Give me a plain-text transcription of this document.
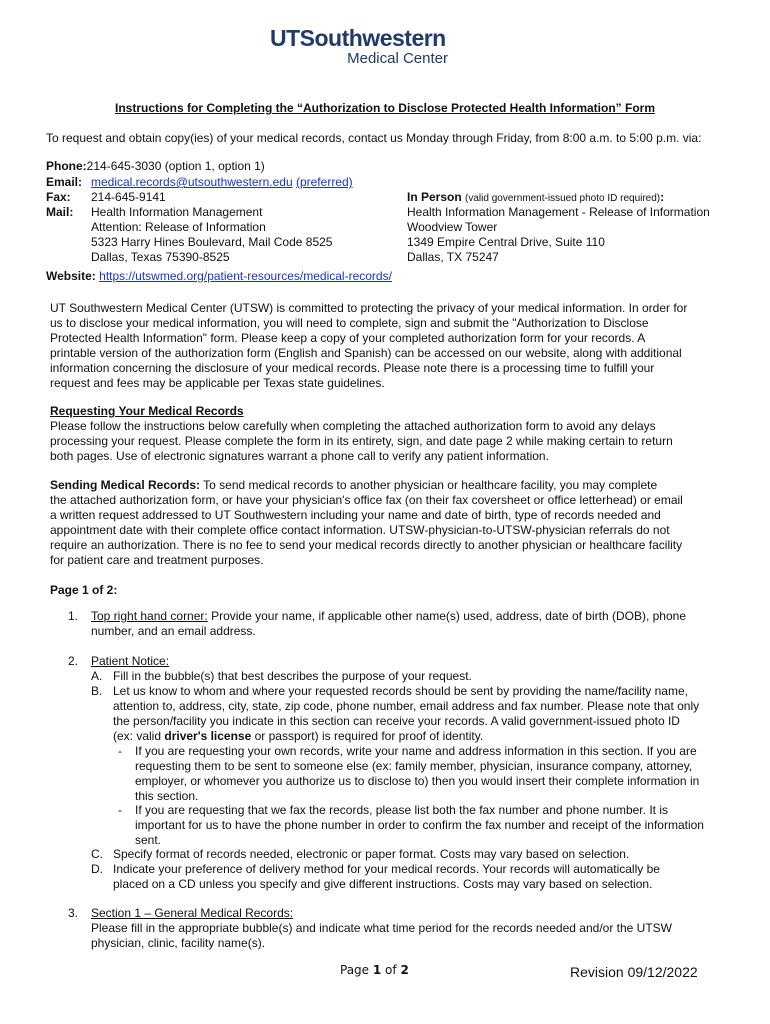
UTSouthwestern
Medical Center
Instructions for Completing the “Authorization to Disclose Protected Health Information” Form
To request and obtain copy(ies) of your medical records, contact us Monday through Friday, from 8:00 a.m. to 5:00 p.m. via:
Phone:214-645-3030 (option 1, option 1)
Email: medical.records@utsouthwestern.edu (preferred)
Fax: 214-645-9141
Mail: Health Information Management
Attention: Release of Information
5323 Harry Hines Boulevard, Mail Code 8525
Dallas, Texas 75390-8525
In Person (valid government-issued photo ID required):
Health Information Management - Release of Information
Woodview Tower
1349 Empire Central Drive, Suite 110
Dallas, TX 75247
Website: https://utswmed.org/patient-resources/medical-records/
UT Southwestern Medical Center (UTSW) is committed to protecting the privacy of your medical information. In order for
us to disclose your medical information, you will need to complete, sign and submit the "Authorization to Disclose
Protected Health Information" form. Please keep a copy of your completed authorization form for your records. A
printable version of the authorization form (English and Spanish) can be accessed on our website, along with additional
information concerning the disclosure of your medical records. Please note there is a processing time to fulfill your
request and fees may be applicable per Texas state guidelines.
Requesting Your Medical Records
Please follow the instructions below carefully when completing the attached authorization form to avoid any delays
processing your request. Please complete the form in its entirety, sign, and date page 2 while making certain to return
both pages. Use of electronic signatures warrant a phone call to verify any patient information.
Sending Medical Records: To send medical records to another physician or healthcare facility, you may complete
the attached authorization form, or have your physician's office fax (on their fax coversheet or office letterhead) or email
a written request addressed to UT Southwestern including your name and date of birth, type of records needed and
appointment date with their complete office contact information. UTSW-physician-to-UTSW-physician referrals do not
require an authorization. There is no fee to send your medical records directly to another physician or healthcare facility
for patient care and treatment purposes.
Page 1 of 2:
1. Top right hand corner: Provide your name, if applicable other name(s) used, address, date of birth (DOB), phone
number, and an email address.
2. Patient Notice:
A. Fill in the bubble(s) that best describes the purpose of your request.
B. Let us know to whom and where your requested records should be sent by providing the name/facility name,
attention to, address, city, state, zip code, phone number, email address and fax number. Please note that only
the person/facility you indicate in this section can receive your records. A valid government-issued photo ID
(ex: valid driver's license or passport) is required for proof of identity.
- If you are requesting your own records, write your name and address information in this section. If you are
requesting them to be sent to someone else (ex: family member, physician, insurance company, attorney,
employer, or whomever you authorize us to disclose to) then you would insert their complete information in
this section.
- If you are requesting that we fax the records, please list both the fax number and phone number. It is
important for us to have the phone number in order to confirm the fax number and receipt of the information
sent.
C. Specify format of records needed, electronic or paper format. Costs may vary based on selection.
D. Indicate your preference of delivery method for your medical records. Your records will automatically be
placed on a CD unless you specify and give different instructions. Costs may vary based on selection.
3. Section 1 – General Medical Records:
Please fill in the appropriate bubble(s) and indicate what time period for the records needed and/or the UTSW
physician, clinic, facility name(s).
Page 1 of 2	Revision 09/12/2022
